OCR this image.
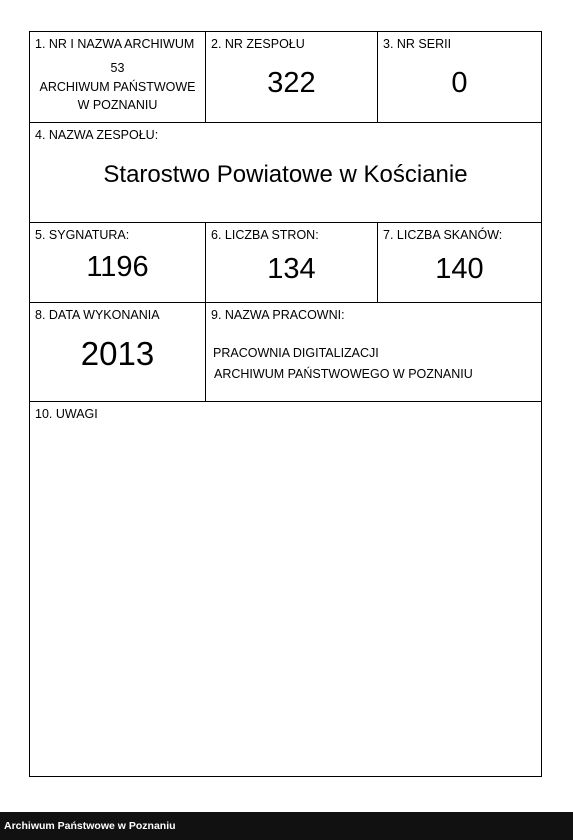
1. NR I NAZWA ARCHIWUM
53
ARCHIWUM PAŃSTWOWE
W POZNANIU
2. NR ZESPOŁU
322
3. NR SERII
0
4. NAZWA ZESPOŁU:
Starostwo Powiatowe w Kościanie
5. SYGNATURA:
1196
6. LICZBA STRON:
134
7. LICZBA SKANÓW:
140
8. DATA WYKONANIA
2013
9. NAZWA PRACOWNI:
PRACOWNIA DIGITALIZACJI
ARCHIWUM PAŃSTWOWEGO W POZNANIU
10. UWAGI
Archiwum Państwowe w Poznaniu
